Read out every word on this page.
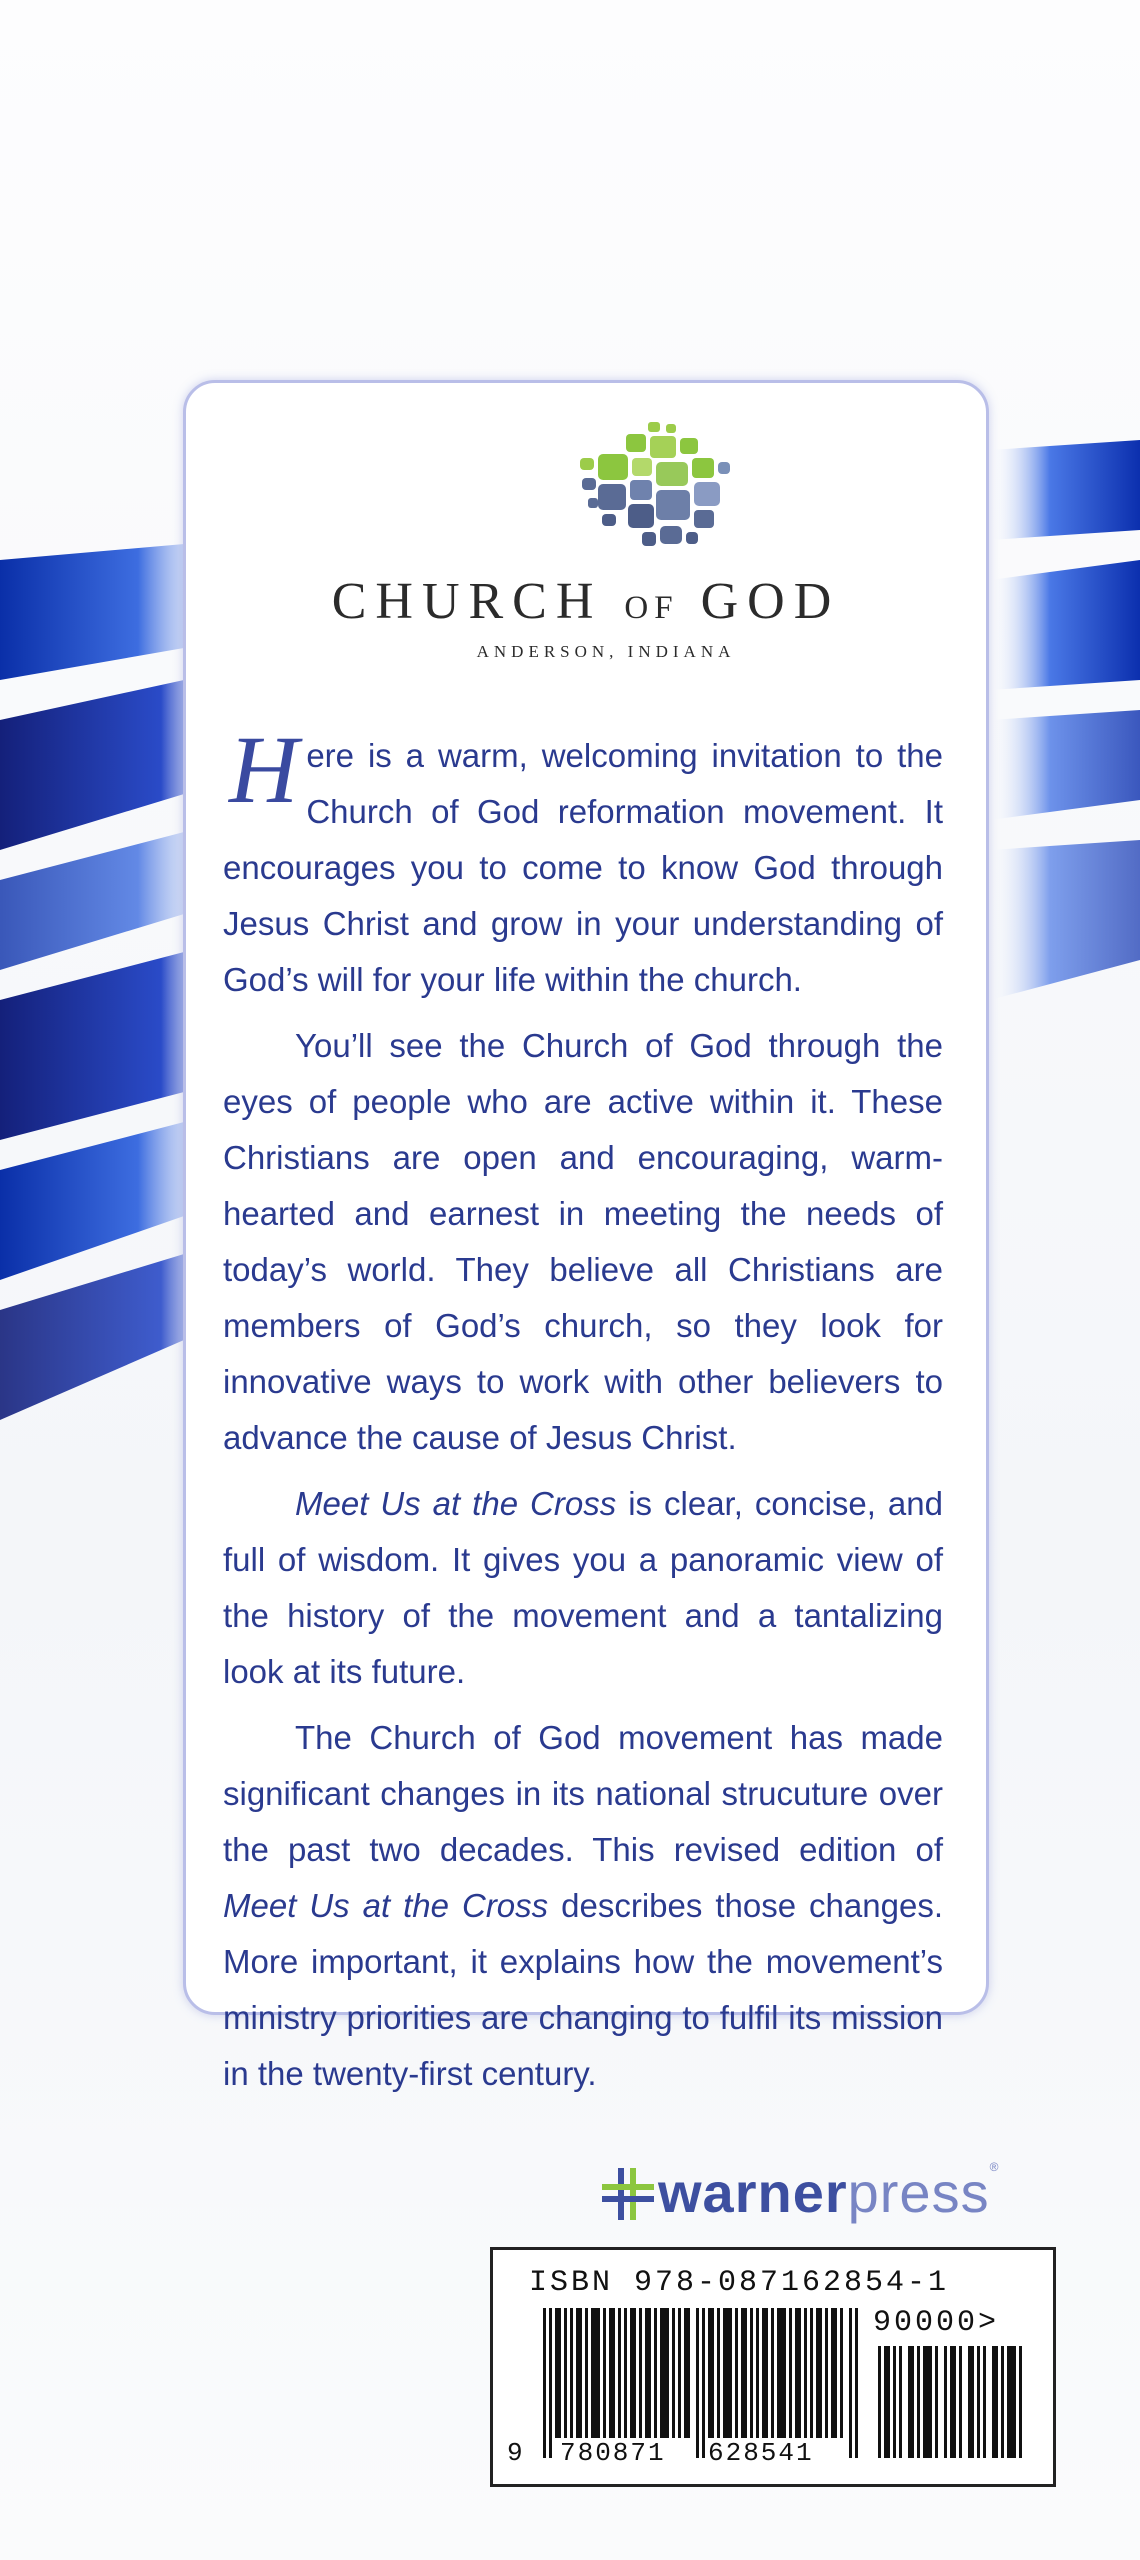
CHURCH OF GOD
ANDERSON, INDIANA

Here is a warm, welcoming invitation to the Church of God reformation movement. It encourages you to come to know God through Jesus Christ and grow in your understanding of God’s will for your life within the church.

You’ll see the Church of God through the eyes of people who are active within it. These Christians are open and encouraging, warm-hearted and earnest in meeting the needs of today’s world. They believe all Christians are members of God’s church, so they look for innovative ways to work with other believers to advance the cause of Jesus Christ.

Meet Us at the Cross is clear, concise, and full of wisdom. It gives you a panoramic view of the history of the movement and a tantalizing look at its future.

The Church of God movement has made significant changes in its national strucuture over the past two decades. This revised edition of Meet Us at the Cross describes those changes. More important, it explains how the movement’s ministry priorities are changing to fulfil its mission in the twenty-first century.

warnerpress®
ISBN 978-087162854-1
90000>
9 780871 628541
